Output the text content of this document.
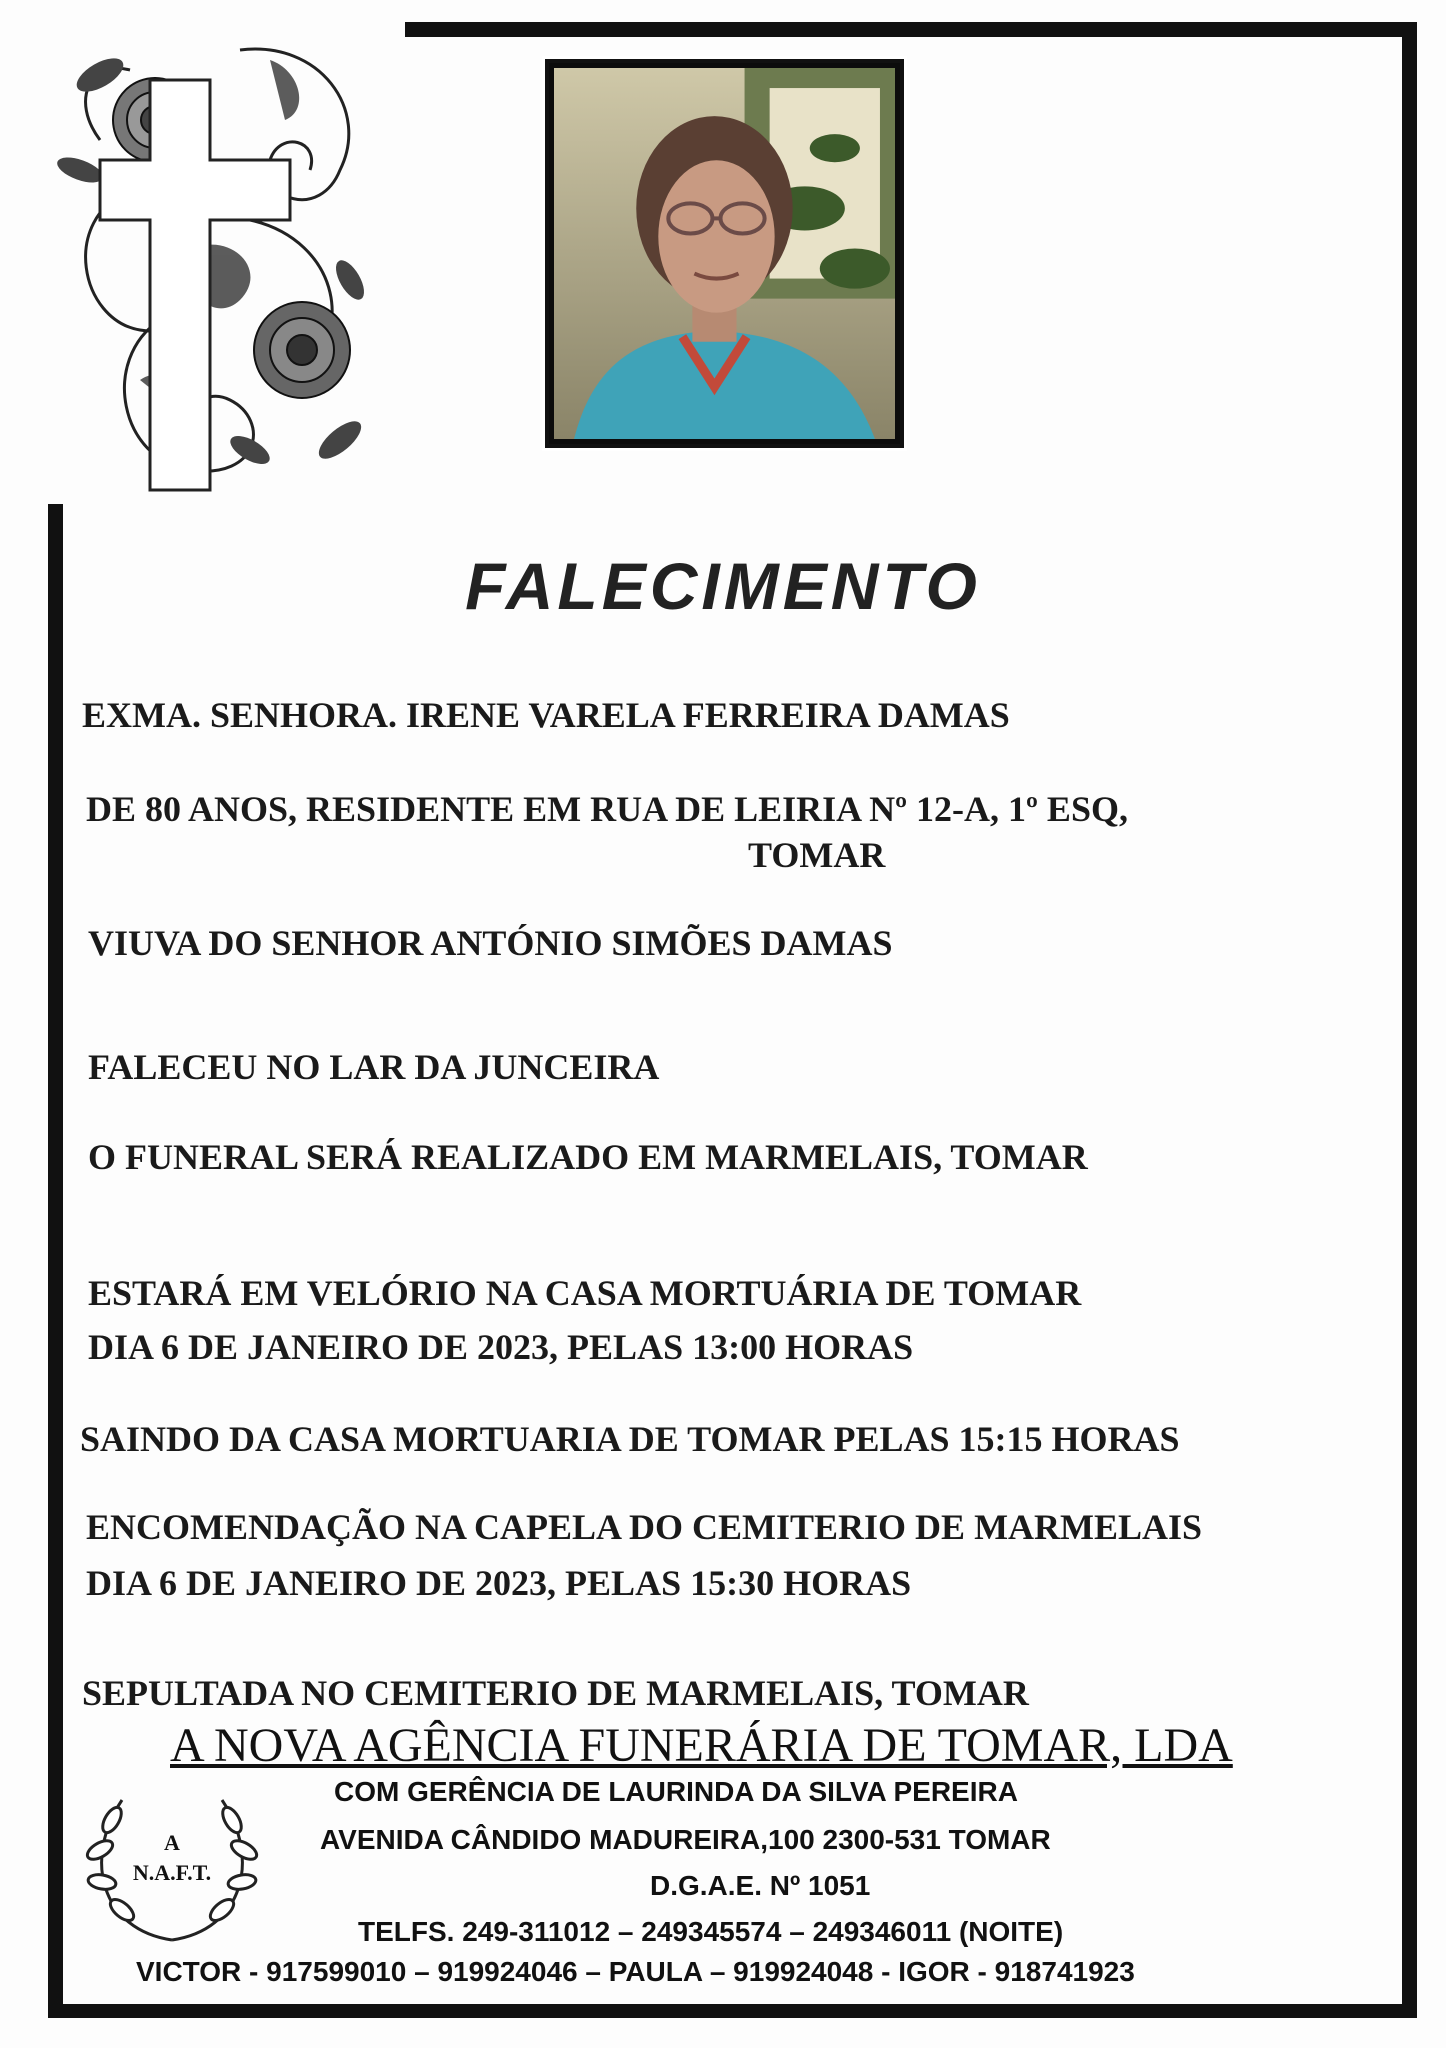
FALECIMENTO
EXMA. SENHORA. IRENE VARELA FERREIRA DAMAS
DE 80 ANOS, RESIDENTE EM RUA DE LEIRIA Nº 12-A, 1º ESQ,
TOMAR
VIUVA DO SENHOR ANTÓNIO SIMÕES DAMAS
FALECEU NO LAR DA JUNCEIRA
O FUNERAL SERÁ REALIZADO EM MARMELAIS, TOMAR
ESTARÁ EM VELÓRIO NA CASA MORTUÁRIA DE TOMAR
DIA 6 DE JANEIRO DE 2023, PELAS 13:00 HORAS
SAINDO DA CASA MORTUARIA DE TOMAR PELAS 15:15 HORAS
ENCOMENDAÇÃO NA CAPELA DO CEMITERIO DE MARMELAIS
DIA 6 DE JANEIRO DE 2023, PELAS 15:30 HORAS
SEPULTADA NO CEMITERIO DE MARMELAIS, TOMAR
A NOVA AGÊNCIA FUNERÁRIA DE TOMAR, LDA
A
N.A.F.T.
COM GERÊNCIA DE LAURINDA DA SILVA PEREIRA
AVENIDA CÂNDIDO MADUREIRA,100 2300-531 TOMAR
D.G.A.E. Nº 1051
TELFS. 249-311012 – 249345574 – 249346011 (NOITE)
VICTOR - 917599010 – 919924046 – PAULA – 919924048 - IGOR - 918741923
